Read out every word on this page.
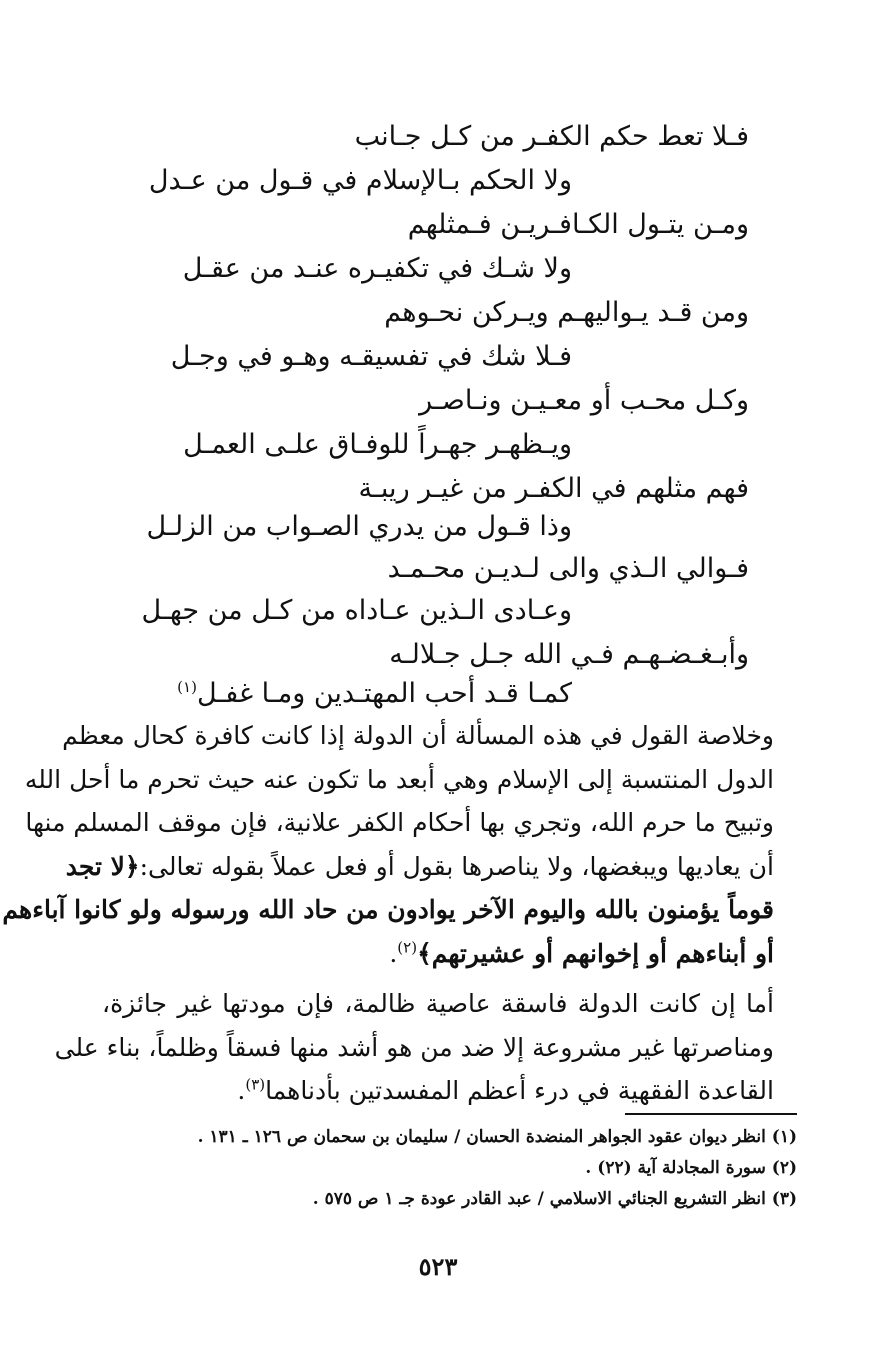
فـلا تعط حكم الكفـر من كـل جـانب
ولا الحكم بـالإسلام في قـول من عـدل
ومـن يتـول الكـافـريـن فـمثلهم
ولا شـك في تكفيـره عنـد من عقـل
ومن قـد يـواليهـم ويـركن نحـوهم
فـلا شك في تفسيقـه وهـو في وجـل
وكـل محـب أو معـيـن ونـاصـر
ويـظهـر جهـراً للوفـاق علـى العمـل
فهم مثلهم في الكفـر من غيـر ريبـة
وذا قـول من يدري الصـواب من الزلـل
فـوالي الـذي والى لـديـن محـمـد
وعـادى الـذين عـاداه من كـل من جهـل
وأبـغـضـهـم فـي الله جـل جـلالـه
كمـا قـد أحب المهتـدين ومـا غفـل$^{(١)}$
وخلاصة القول في هذه المسألة أن الدولة إذا كانت كافرة كحال معظم
الدول المنتسبة إلى الإسلام وهي أبعد ما تكون عنه حيث تحرم ما أحل الله
وتبيح ما حرم الله، وتجري بها أحكام الكفر علانية، فإن موقف المسلم منها
أن يعاديها ويبغضها، ولا يناصرها بقول أو فعل عملاً بقوله تعالى:﴿لا تجد
قوماً يؤمنون بالله واليوم الآخر يوادون من حاد الله ورسوله ولو كانوا آباءهم
أو أبناءهم أو إخوانهم أو عشيرتهم﴾$^{(٢)}$.
أما إن كانت الدولة فاسقة عاصية ظالمة، فإن مودتها غير جائزة،
ومناصرتها غير مشروعة إلا ضد من هو أشد منها فسقاً وظلماً، بناء على
القاعدة الفقهية في درء أعظم المفسدتين بأدناهما$^{(٣)}$.
(١) انظر ديوان عقود الجواهر المنضدة الحسان / سليمان بن سحمان ص ١٢٦ ـ ١٣١ .
(٢) سورة المجادلة آية (٢٢) .
(٣) انظر التشريع الجنائي الاسلامي / عبد القادر عودة جـ ١ ص ٥٧٥ .
٥٢٣
